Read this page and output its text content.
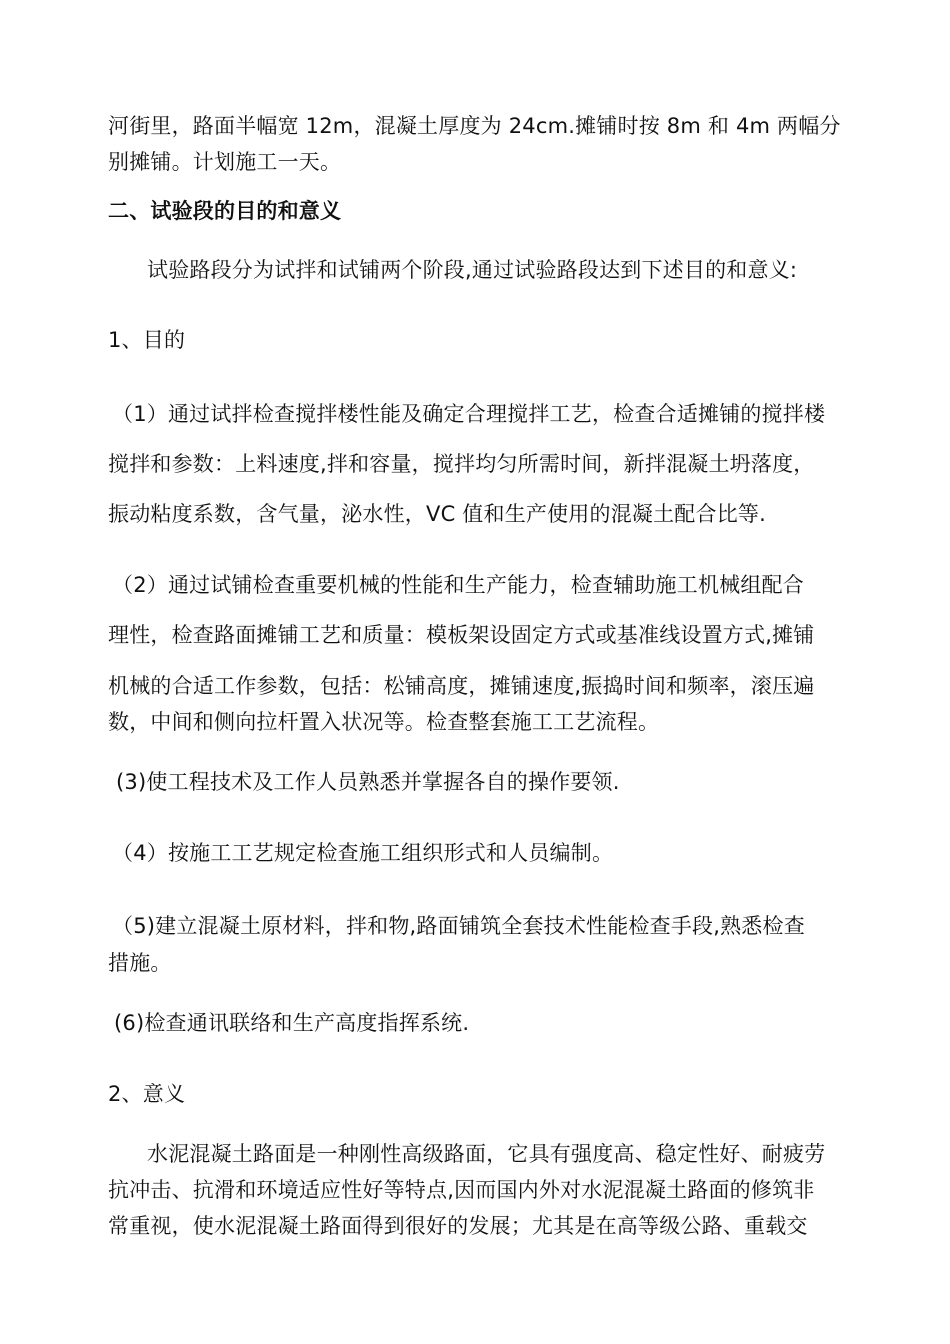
河街里，路面半幅宽 12m，混凝土厚度为 24cm.摊铺时按 8m 和 4m 两幅分
别摊铺。计划施工一天。
二、试验段的目的和意义
试验路段分为试拌和试铺两个阶段,通过试验路段达到下述目的和意义:
1、目的
（1）通过试拌检查搅拌楼性能及确定合理搅拌工艺，检查合适摊铺的搅拌楼
搅拌和参数：上料速度,拌和容量，搅拌均匀所需时间，新拌混凝土坍落度，
振动粘度系数，含气量，泌水性，VC 值和生产使用的混凝土配合比等.
（2）通过试铺检查重要机械的性能和生产能力，检查辅助施工机械组配合
理性，检查路面摊铺工艺和质量：模板架设固定方式或基准线设置方式,摊铺
机械的合适工作参数，包括：松铺高度，摊铺速度,振捣时间和频率，滚压遍
数，中间和侧向拉杆置入状况等。检查整套施工工艺流程。
(3)使工程技术及工作人员熟悉并掌握各自的操作要领.
（4）按施工工艺规定检查施工组织形式和人员编制。
（5)建立混凝土原材料，拌和物,路面铺筑全套技术性能检查手段,熟悉检查
措施。
(6)检查通讯联络和生产高度指挥系统.
2、意义
水泥混凝土路面是一种刚性高级路面，它具有强度高、稳定性好、耐疲劳
抗冲击、抗滑和环境适应性好等特点,因而国内外对水泥混凝土路面的修筑非
常重视，使水泥混凝土路面得到很好的发展；尤其是在高等级公路、重载交
